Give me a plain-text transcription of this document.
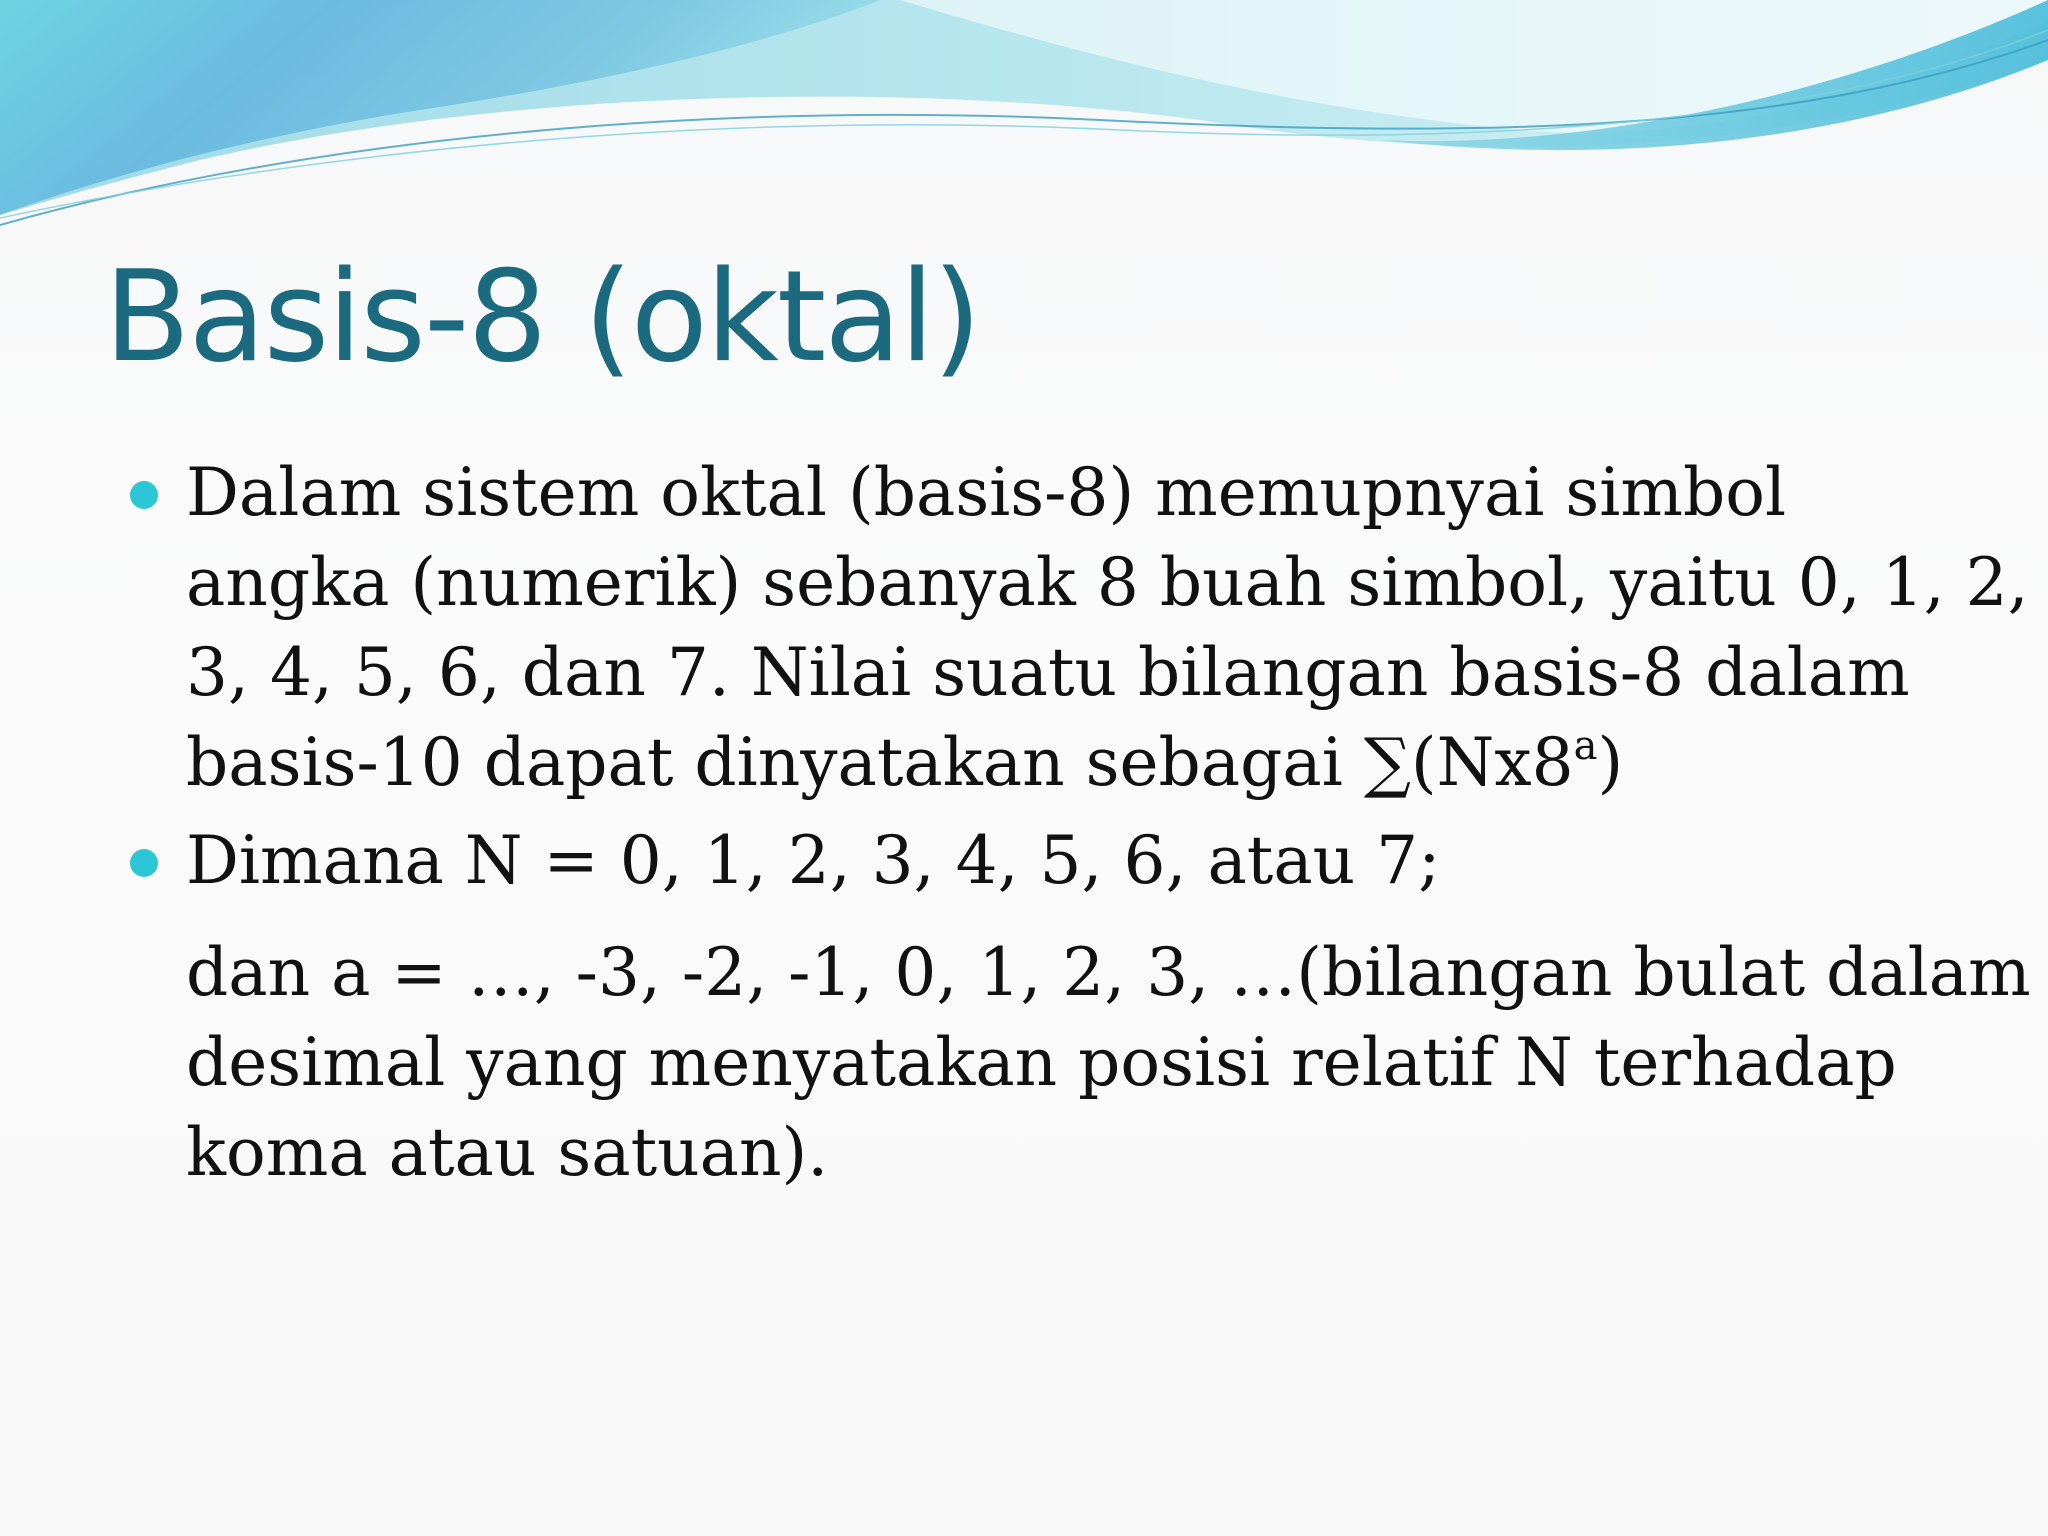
Basis-8 (oktal)
Dalam sistem oktal (basis-8) memupnyai simbol
angka (numerik) sebanyak 8 buah simbol, yaitu 0, 1, 2,
3, 4, 5, 6, dan 7. Nilai suatu bilangan basis-8 dalam
basis-10 dapat dinyatakan sebagai ∑(Nx8$^a$)
Dimana N = 0, 1, 2, 3, 4, 5, 6, atau 7;
dan a = …, -3, -2, -1, 0, 1, 2, 3, …(bilangan bulat dalam
desimal yang menyatakan posisi relatif N terhadap
koma atau satuan).
